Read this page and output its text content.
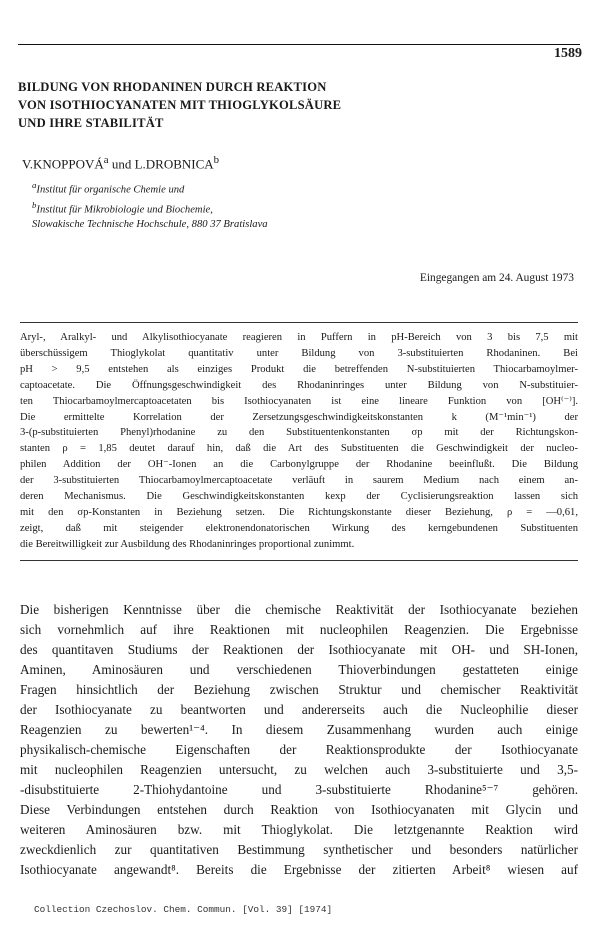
1589
BILDUNG VON RHODANINEN DURCH REAKTION
VON ISOTHIOCYANATEN MIT THIOGLYKOLSÄURE
UND IHRE STABILITÄT
V.KNOPPOVÁ$^a$ und L.DROBNICA$^b$
$^a$Institut für organische Chemie und
$^b$Institut für Mikrobiologie und Biochemie,
Slowakische Technische Hochschule, 880 37 Bratislava
Eingegangen am 24. August 1973
Aryl-, Aralkyl- und Alkylisothiocyanate reagieren in Puffern in pH-Bereich von 3 bis 7,5 mit
überschüssigem Thioglykolat quantitativ unter Bildung von 3-substituierten Rhodaninen. Bei
pH > 9,5 entstehen als einziges Produkt die betreffenden N-substituierten Thiocarbamoylmer-
captoacetate. Die Öffnungsgeschwindigkeit des Rhodaninringes unter Bildung von N-substituier-
ten Thiocarbamoylmercaptoacetaten bis Isothiocyanaten ist eine lineare Funktion von [OH⁽⁻⁾].
Die ermittelte Korrelation der Zersetzungsgeschwindigkeitskonstanten k (M⁻¹min⁻¹) der
3-(p-substituierten Phenyl)rhodanine zu den Substituentenkonstanten σp mit der Richtungskon-
stanten ρ = 1,85 deutet darauf hin, daß die Art des Substituenten die Geschwindigkeit der nucleo-
philen Addition der OH⁻-Ionen an die Carbonylgruppe der Rhodanine beeinflußt. Die Bildung
der 3-substituierten Thiocarbamoylmercaptoacetate verläuft in saurem Medium nach einem an-
deren Mechanismus. Die Geschwindigkeitskonstanten kexp der Cyclisierungsreaktion lassen sich
mit den σp-Konstanten in Beziehung setzen. Die Richtungskonstante dieser Beziehung, ρ = —0,61,
zeigt, daß mit steigender elektronendonatorischen Wirkung des kerngebundenen Substituenten
die Bereitwilligkeit zur Ausbildung des Rhodaninringes proportional zunimmt.
Die bisherigen Kenntnisse über die chemische Reaktivität der Isothiocyanate beziehen
sich vornehmlich auf ihre Reaktionen mit nucleophilen Reagenzien. Die Ergebnisse
des quantitaven Studiums der Reaktionen der Isothiocyanate mit OH- und SH-Ionen,
Aminen, Aminosäuren und verschiedenen Thioverbindungen gestatteten einige
Fragen hinsichtlich der Beziehung zwischen Struktur und chemischer Reaktivität
der Isothiocyanate zu beantworten und andererseits auch die Nucleophilie dieser
Reagenzien zu bewerten¹⁻⁴. In diesem Zusammenhang wurden auch einige
physikalisch-chemische Eigenschaften der Reaktionsprodukte der Isothiocyanate
mit nucleophilen Reagenzien untersucht, zu welchen auch 3-substituierte und 3,5-
-disubstituierte 2-Thiohydantoine und 3-substituierte Rhodanine⁵⁻⁷ gehören.
Diese Verbindungen entstehen durch Reaktion von Isothiocyanaten mit Glycin und
weiteren Aminosäuren bzw. mit Thioglykolat. Die letztgenannte Reaktion wird
zweckdienlich zur quantitativen Bestimmung synthetischer und besonders natürlicher
Isothiocyanate angewandt⁸. Bereits die Ergebnisse der zitierten Arbeit⁸ wiesen auf
Collection Czechoslov. Chem. Commun. [Vol. 39] [1974]
